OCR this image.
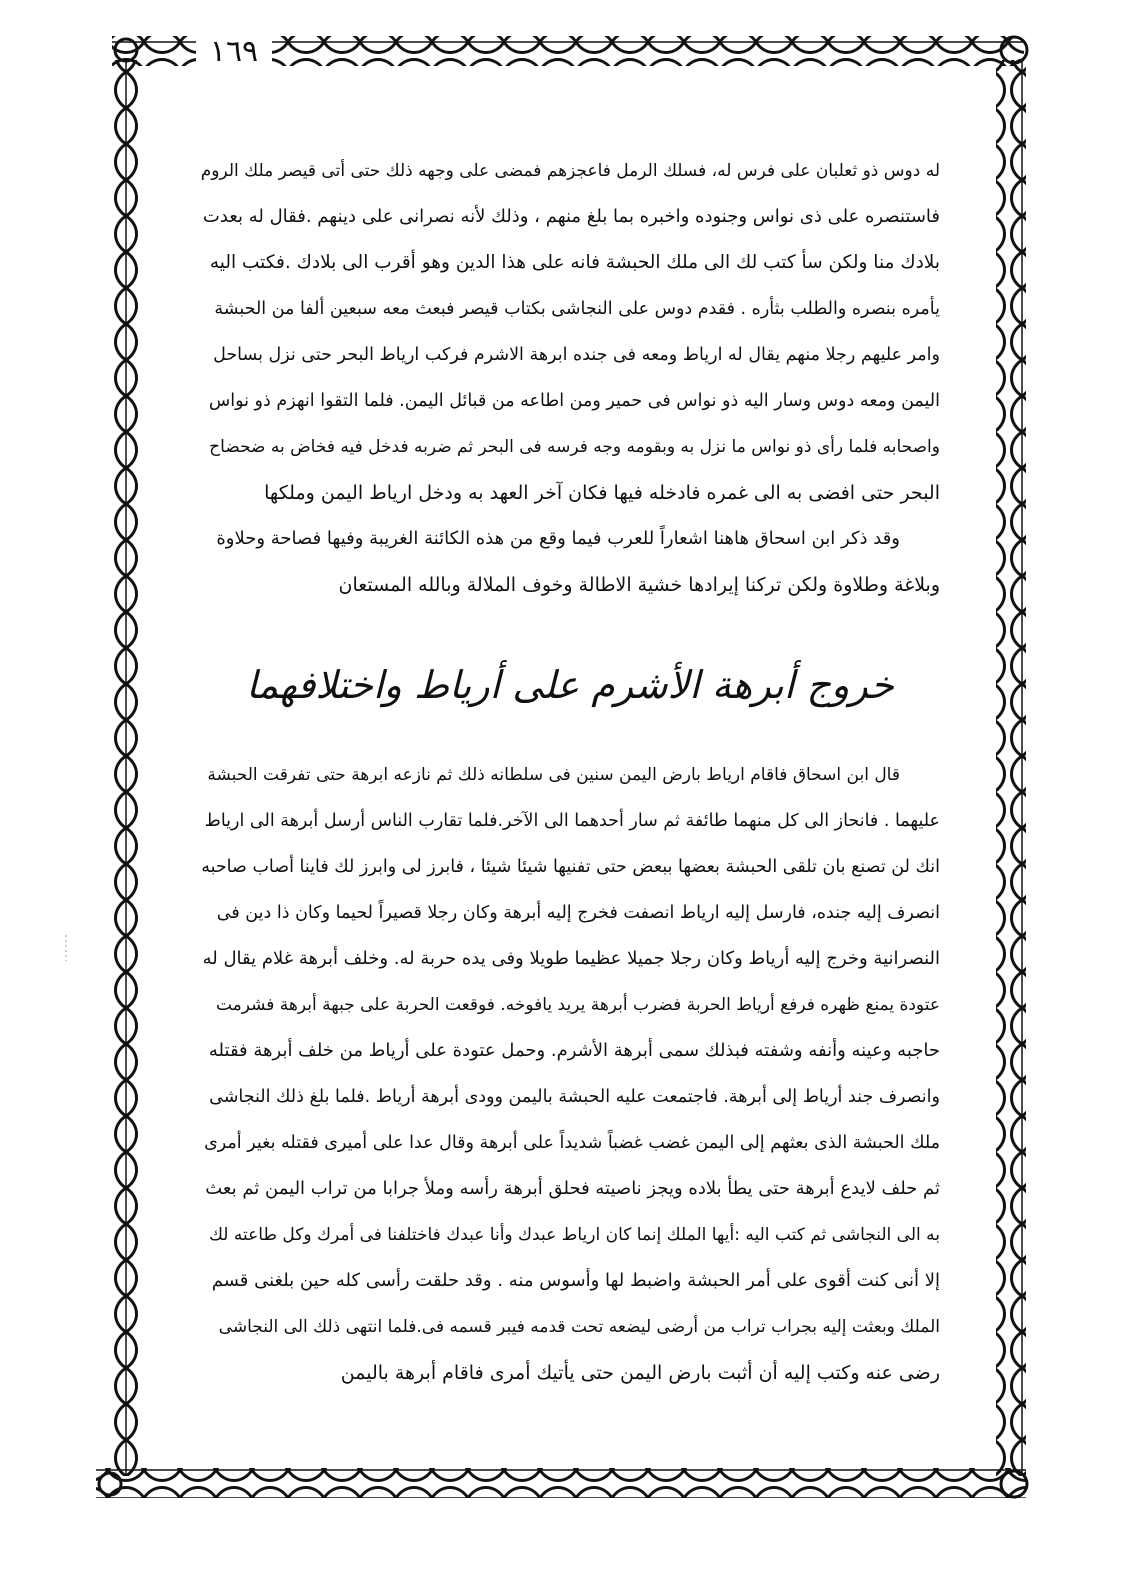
١٦٩
له دوس ذو ثعلبان على فرس له، فسلك الرمل فاعجزهم فمضى على وجهه ذلك حتى أتى قيصر ملك الروم
فاستنصره على ذى نواس وجنوده واخبره بما بلغ منهم ، وذلك لأنه نصرانى على دينهم .فقال له بعدت
بلادك منا ولكن سأ كتب لك الى ملك الحبشة فانه على هذا الدين وهو أقرب الى بلادك .فكتب اليه
يأمره بنصره والطلب بثأره . فقدم دوس على النجاشى بكتاب قيصر فبعث معه سبعين ألفا من الحبشة
وامر عليهم رجلا منهم يقال له ارياط ومعه فى جنده ابرهة الاشرم فركب ارياط البحر حتى نزل بساحل
اليمن ومعه دوس وسار اليه ذو نواس فى حمير ومن اطاعه من قبائل اليمن. فلما التقوا انهزم ذو نواس
واصحابه فلما رأى ذو نواس ما نزل به وبقومه وجه فرسه فى البحر ثم ضربه فدخل فيه فخاض به ضحضاح
البحر حتى افضى به الى غمره فادخله فيها فكان آخر العهد به ودخل ارياط اليمن وملكها
وقد ذكر ابن اسحاق هاهنا اشعاراً للعرب فيما وقع من هذه الكائنة الغريبة وفيها فصاحة وحلاوة
وبلاغة وطلاوة ولكن تركنا إيرادها خشية الاطالة وخوف الملالة وبالله المستعان
خروج أبرهة الأشرم على أرياط واختلافهما
قال ابن اسحاق فاقام ارياط بارض اليمن سنين فى سلطانه ذلك ثم نازعه ابرهة حتى تفرقت الحبشة
عليهما . فانحاز الى كل منهما طائفة ثم سار أحدهما الى الآخر.فلما تقارب الناس أرسل أبرهة الى ارياط
انك لن تصنع بان تلقى الحبشة بعضها ببعض حتى تفنيها شيئا شيئا ، فابرز لى وابرز لك فاينا أصاب صاحبه
انصرف إليه جنده، فارسل إليه ارياط انصفت فخرج إليه أبرهة وكان رجلا قصيراً لحيما وكان ذا دين فى
النصرانية وخرج إليه أرياط وكان رجلا جميلا عظيما طويلا وفى يده حربة له. وخلف أبرهة غلام يقال له
عتودة يمنع ظهره فرفع أرياط الحربة فضرب أبرهة يريد يافوخه. فوقعت الحربة على جبهة أبرهة فشرمت
حاجبه وعينه وأنفه وشفته فبذلك سمى أبرهة الأشرم. وحمل عتودة على أرياط من خلف أبرهة فقتله
وانصرف جند أرياط إلى أبرهة. فاجتمعت عليه الحبشة باليمن وودى أبرهة أرياط .فلما بلغ ذلك النجاشى
ملك الحبشة الذى بعثهم إلى اليمن غضب غضباً شديداً على أبرهة وقال عدا على أميرى فقتله بغير أمرى
ثم حلف لايدع أبرهة حتى يطأ بلاده ويجز ناصيته فحلق أبرهة رأسه وملأ جرابا من تراب اليمن ثم بعث
به الى النجاشى ثم كتب اليه :أيها الملك إنما كان ارياط عبدك وأنا عبدك فاختلفنا فى أمرك وكل طاعته لك
إلا أنى كنت أقوى على أمر الحبشة واضبط لها وأسوس منه . وقد حلقت رأسى كله حين بلغنى قسم
الملك وبعثت إليه بجراب تراب من أرضى ليضعه تحت قدمه فيبر قسمه فى.فلما انتهى ذلك الى النجاشى
رضى عنه وكتب إليه أن أثبت بارض اليمن حتى يأتيك أمرى فاقام أبرهة باليمن
